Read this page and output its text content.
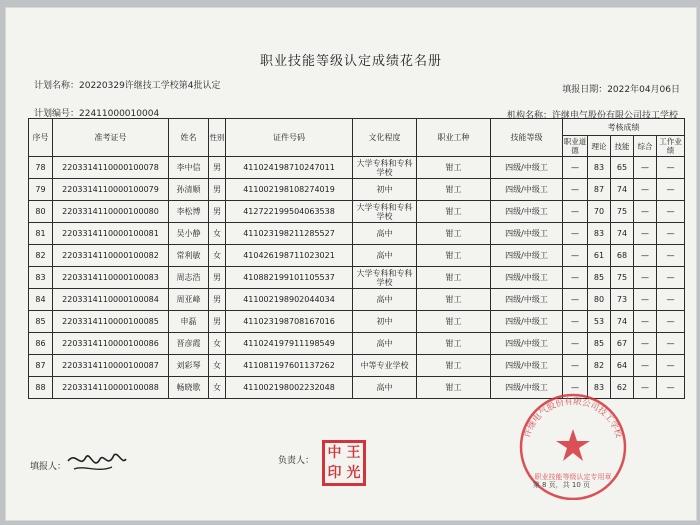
职业技能等级认定成绩花名册
计划名称：20220329许继技工学校第4批认定	填报日期：2022年04月06日
计划编号：22411000010004	机构名称：许继电气股份有限公司技工学校
序号	准考证号	姓名	性别	证件号码	文化程度	职业工种	技能等级	考核成绩				
								职业道德	理论	技能	综合	工作业绩
78	2203314110000100078	李中信	男	411024198710247011	大学专科和专科学校	钳工	四级/中级工	—	83	65	—	—
79	2203314110000100079	孙清顺	男	411002198108274019	初中	钳工	四级/中级工	—	87	74	—	—
80	2203314110000100080	李松博	男	412722199504063538	大学专科和专科学校	钳工	四级/中级工	—	70	75	—	—
81	2203314110000100081	吴小静	女	411023198211285527	高中	钳工	四级/中级工	—	83	74	—	—
82	2203314110000100082	常利敏	女	410426198711023021	高中	钳工	四级/中级工	—	61	68	—	—
83	2203314110000100083	周志浩	男	410882199101105537	大学专科和专科学校	钳工	四级/中级工	—	85	75	—	—
84	2203314110000100084	周亚峰	男	411002198902044034	高中	钳工	四级/中级工	—	80	73	—	—
85	2203314110000100085	申磊	男	411023198708167016	初中	钳工	四级/中级工	—	53	74	—	—
86	2203314110000100086	晋彦霞	女	411024197911198549	高中	钳工	四级/中级工	—	85	67	—	—
87	2203314110000100087	刘彩琴	女	411081197601137262	中等专业学校	钳工	四级/中级工	—	82	64	—	—
88	2203314110000100088	畅晓歌	女	411002198002232048	高中	钳工	四级/中级工	—	83	62	—	—
填报人：
负责人： 中 王
印 光
许继电气股份有限公司技工学校
职业技能等级认定专用章
第 8 页，共 10 页
